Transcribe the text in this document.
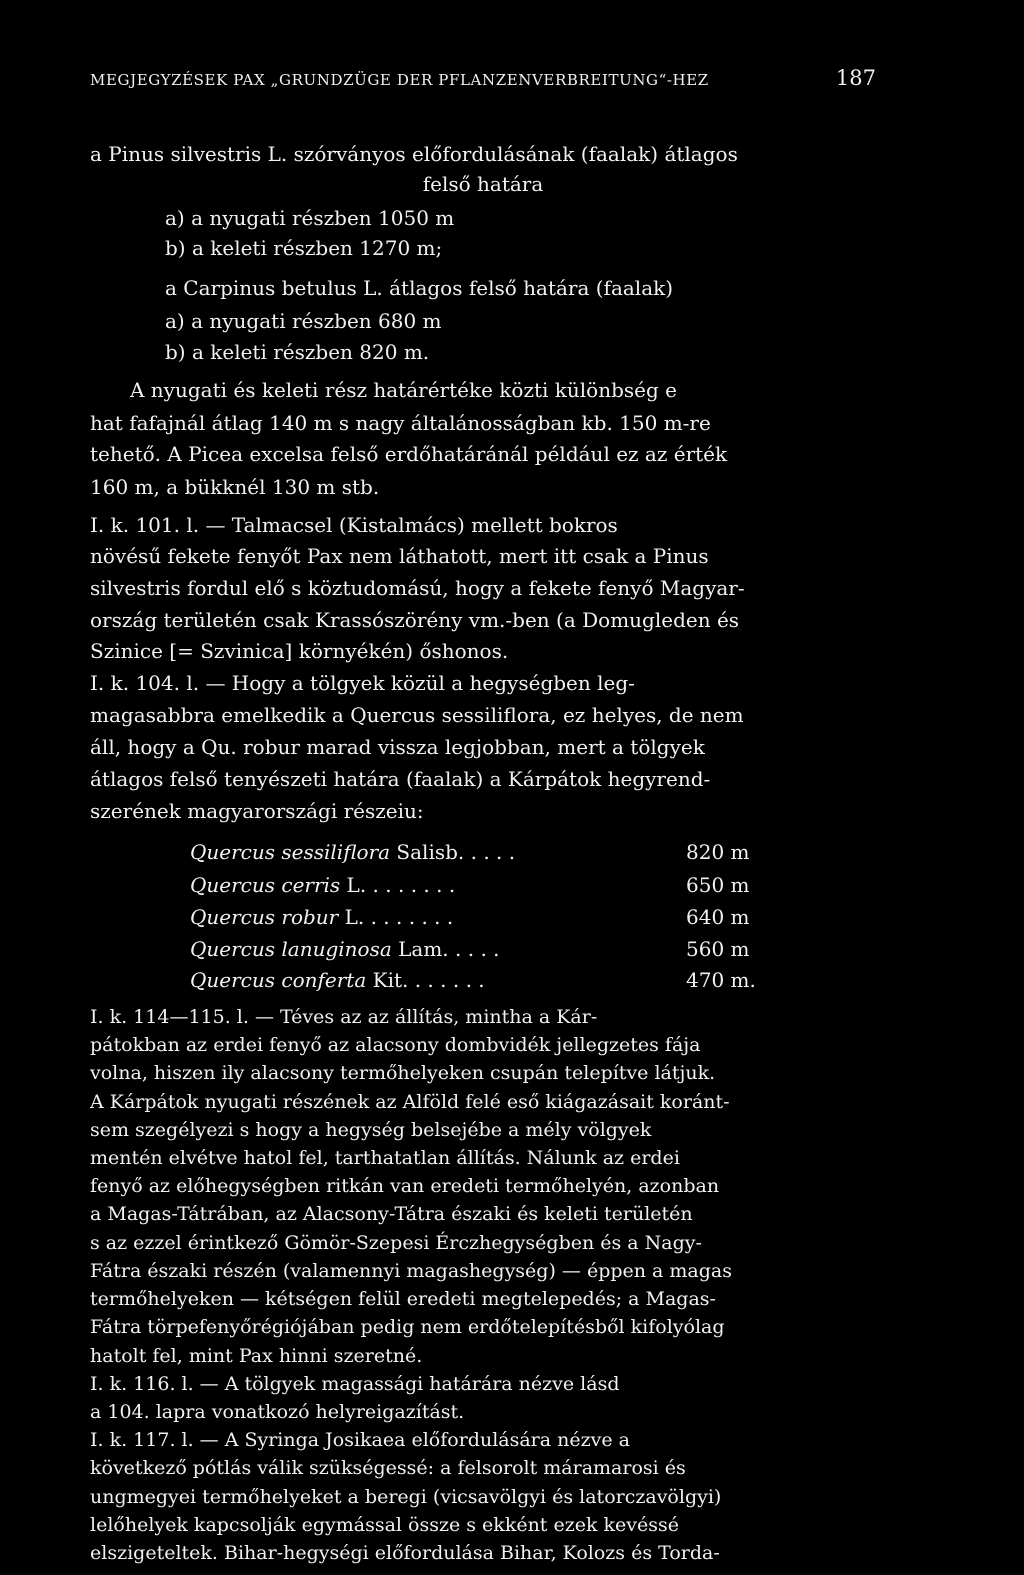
MEGJEGYZÉSEK PAX „GRUNDZÜGE DER PFLANZENVERBREITUNG“-HEZ	187
a Pinus silvestris L. szórványos előfordulásának (faalak) átlagos
felső határa
a) a nyugati részben 1050 m
b) a keleti részben 1270 m;
a Carpinus betulus L. átlagos felső határa (faalak)
a) a nyugati részben 680 m
b) a keleti részben 820 m.
A nyugati és keleti rész határértéke közti különbség e
hat fafajnál átlag 140 m s nagy általánosságban kb. 150 m-re
tehető. A Picea excelsa felső erdőhatáránál például ez az érték
160 m, a bükknél 130 m stb.
I. k. 101. l. — Talmacsel (Kistalmács) mellett bokros
növésű fekete fenyőt Pax nem láthatott, mert itt csak a Pinus
silvestris fordul elő s köztudomású, hogy a fekete fenyő Magyar-
ország területén csak Krassószörény vm.-ben (a Domugleden és
Szinice [= Szvinica] környékén) őshonos.
I. k. 104. l. — Hogy a tölgyek közül a hegységben leg-
magasabbra emelkedik a Quercus sessiliflora, ez helyes, de nem
áll, hogy a Qu. robur marad vissza legjobban, mert a tölgyek
átlagos felső tenyészeti határa (faalak) a Kárpátok hegyrend-
szerének magyarországi részeiu:
Quercus sessiliflora Salisb. . . . .	820 m
Quercus cerris L. . . . . . . .	650 m
Quercus robur L. . . . . . . .	640 m
Quercus lanuginosa Lam. . . . .	560 m
Quercus conferta Kit. . . . . . .	470 m.
I. k. 114—115. l. — Téves az az állítás, mintha a Kár-
pátokban az erdei fenyő az alacsony dombvidék jellegzetes fája
volna, hiszen ily alacsony termőhelyeken csupán telepítve látjuk.
A Kárpátok nyugati részének az Alföld felé eső kiágazásait koránt-
sem szegélyezi s hogy a hegység belsejébe a mély völgyek
mentén elvétve hatol fel, tarthatatlan állítás. Nálunk az erdei
fenyő az előhegységben ritkán van eredeti termőhelyén, azonban
a Magas-Tátrában, az Alacsony-Tátra északi és keleti területén
s az ezzel érintkező Gömör-Szepesi Érczhegységben és a Nagy-
Fátra északi részén (valamennyi magashegység) — éppen a magas
termőhelyeken — kétségen felül eredeti megtelepedés; a Magas-
Fátra törpefenyőrégiójában pedig nem erdőtelepítésből kifolyólag
hatolt fel, mint Pax hinni szeretné.
I. k. 116. l. — A tölgyek magassági határára nézve lásd
a 104. lapra vonatkozó helyreigazítást.
I. k. 117. l. — A Syringa Josikaea előfordulására nézve a
következő pótlás válik szükségessé: a felsorolt máramarosi és
ungmegyei termőhelyeket a beregi (vicsavölgyi és latorczavölgyi)
lelőhelyek kapcsolják egymással össze s ekként ezek kevéssé
elszigeteltek. Bihar-hegységi előfordulása Bihar, Kolozs és Torda-
